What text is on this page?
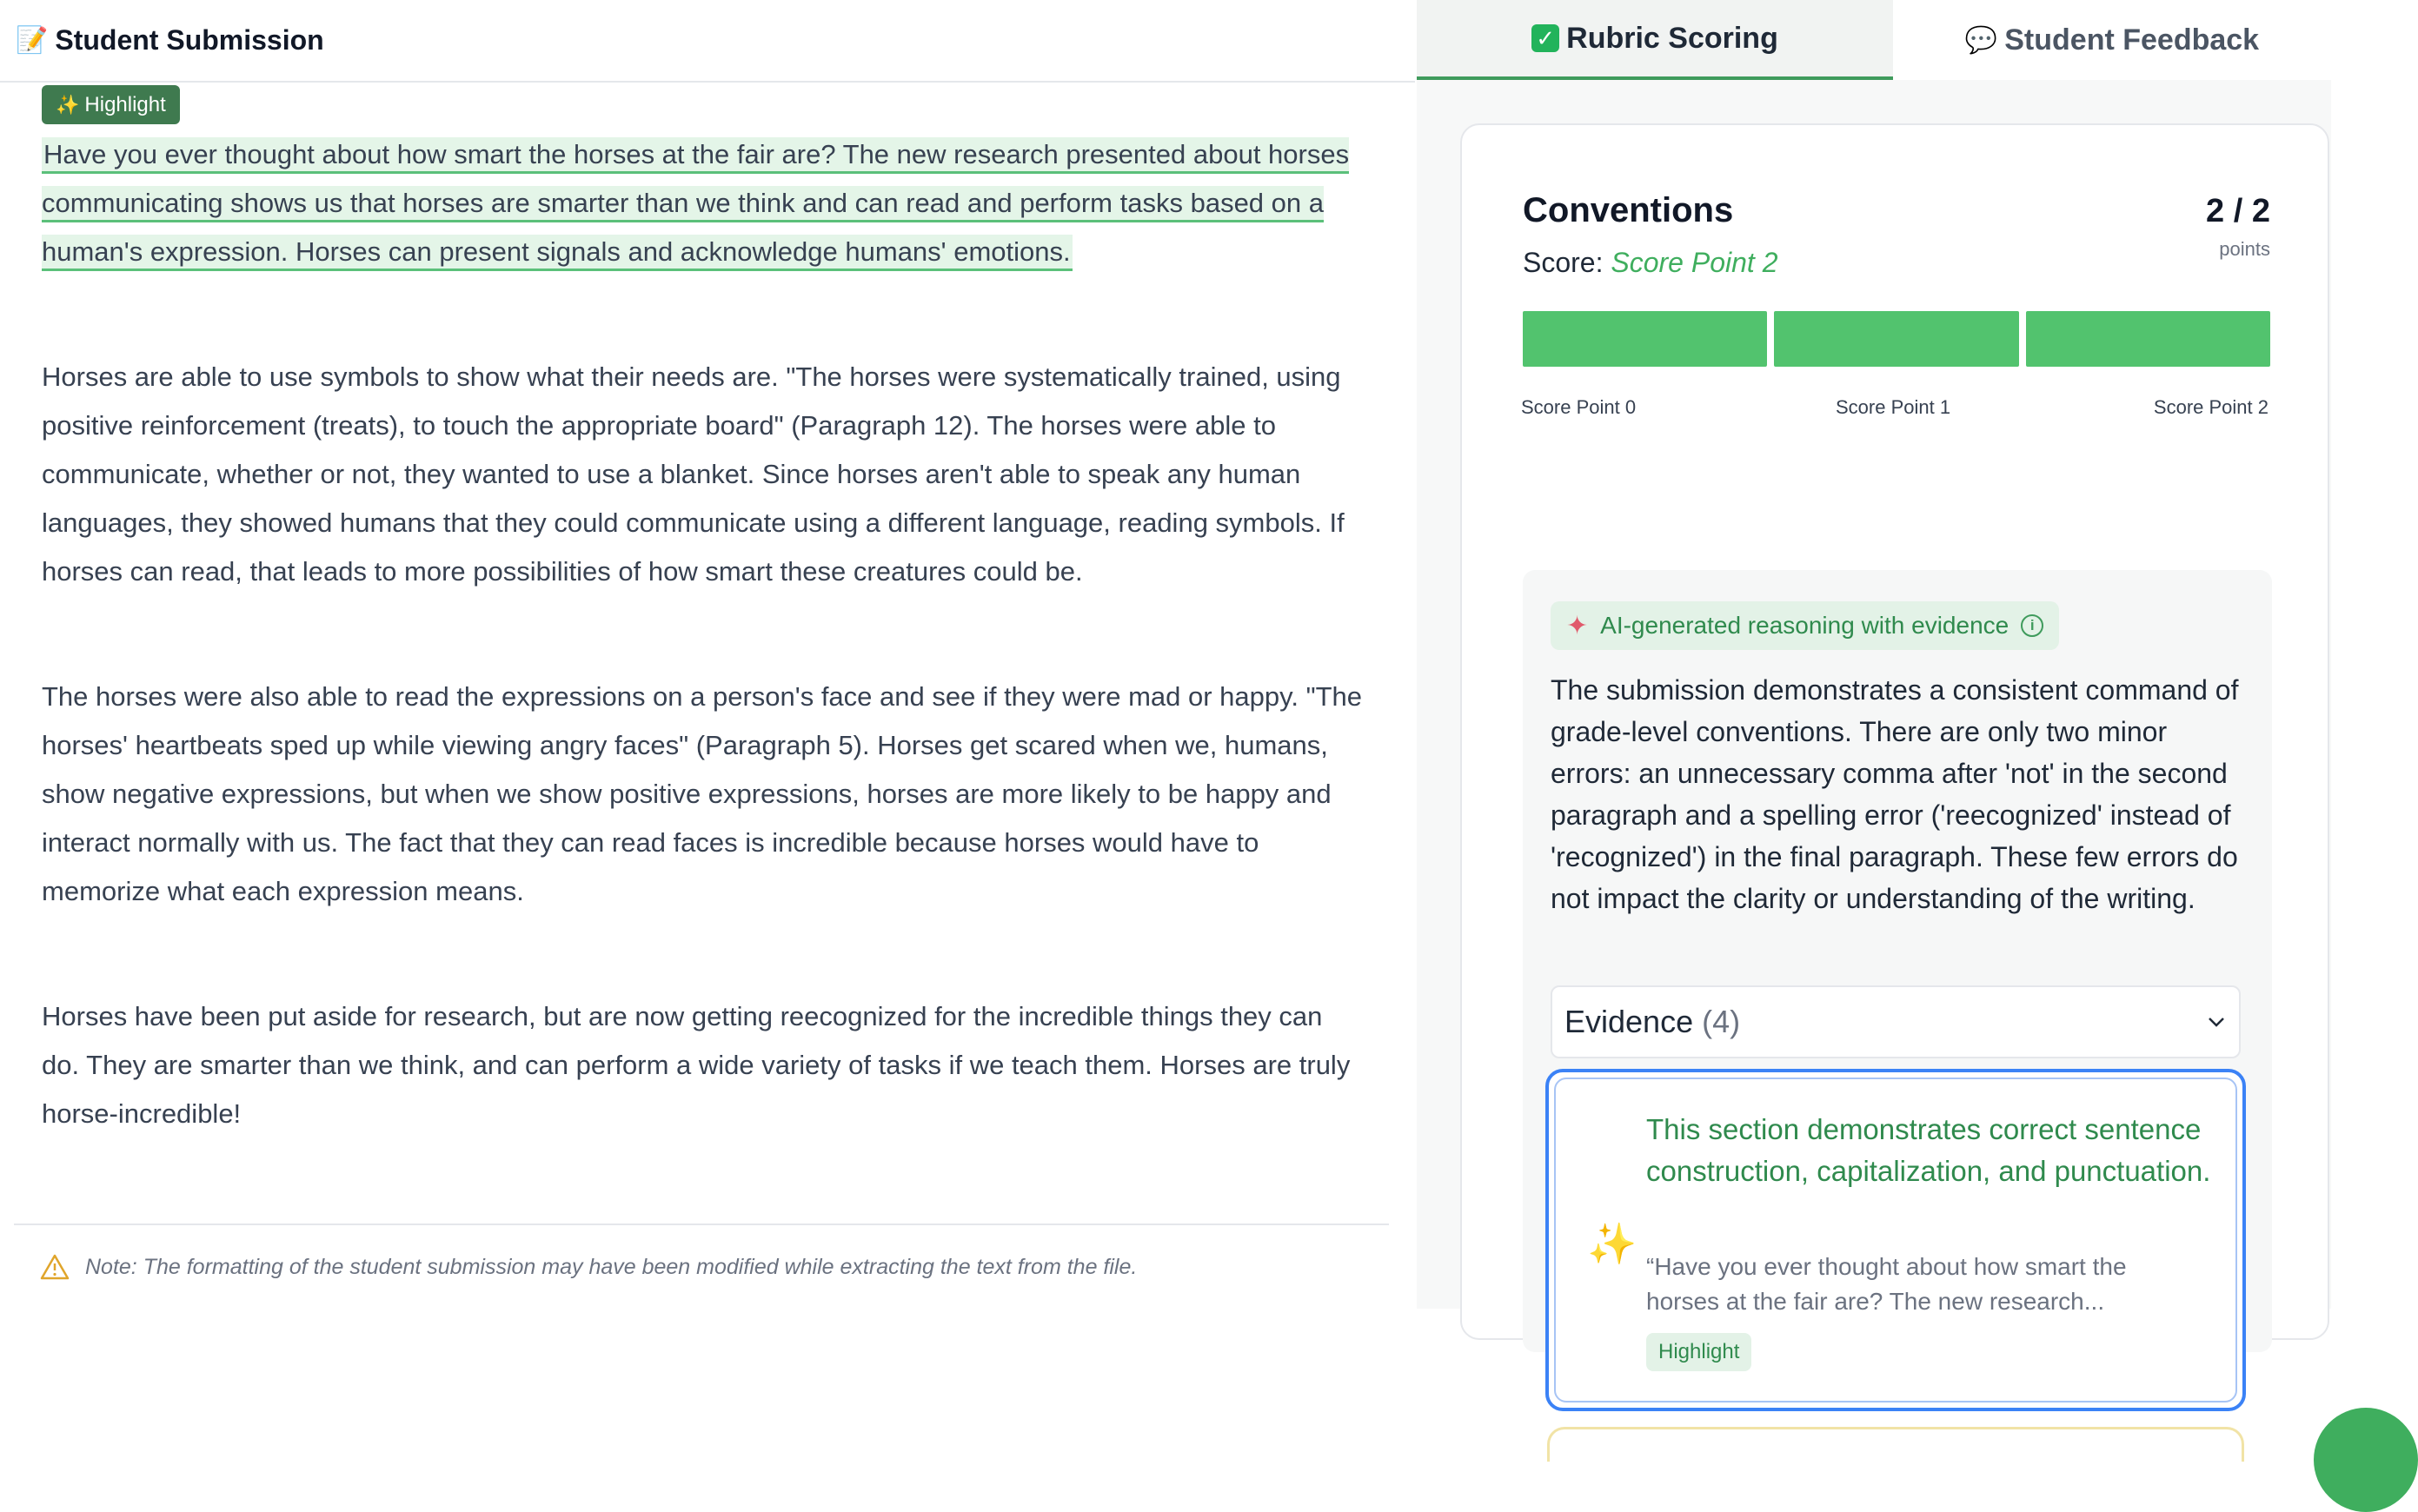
📝 Student Submission
✨ Highlight

Have you ever thought about how smart the horses at the fair are? The new research presented about horses communicating shows us that horses are smarter than we think and can read and perform tasks based on a human's expression. Horses can present signals and acknowledge humans' emotions.

Horses are able to use symbols to show what their needs are. "The horses were systematically trained, using positive reinforcement (treats), to touch the appropriate board" (Paragraph 12). The horses were able to communicate, whether or not, they wanted to use a blanket. Since horses aren't able to speak any human languages, they showed humans that they could communicate using a different language, reading symbols. If horses can read, that leads to more possibilities of how smart these creatures could be.

The horses were also able to read the expressions on a person's face and see if they were mad or happy. "The horses' heartbeats sped up while viewing angry faces" (Paragraph 5). Horses get scared when we, humans, show negative expressions, but when we show positive expressions, horses are more likely to be happy and interact normally with us. The fact that they can read faces is incredible because horses would have to memorize what each expression means.

Horses have been put aside for research, but are now getting reecognized for the incredible things they can do. They are smarter than we think, and can perform a wide variety of tasks if we teach them. Horses are truly horse-incredible!

Note: The formatting of the student submission may have been modified while extracting the text from the file.
✓ Rubric Scoring	💬 Student Feedback
Conventions
Score: Score Point 2
2 / 2
points
✦ AI-generated reasoning with evidence	i
The submission demonstrates a consistent command of grade-level conventions. There are only two minor errors: an unnecessary comma after 'not' in the second paragraph and a spelling error ('reecognized' instead of 'recognized') in the final paragraph. These few errors do not impact the clarity or understanding of the writing.
Evidence (4)
✨
This section demonstrates correct sentence construction, capitalization, and punctuation.
“Have you ever thought about how smart the horses at the fair are? The new research...
Highlight
Score Point 0	Score Point 1	Score Point 2
